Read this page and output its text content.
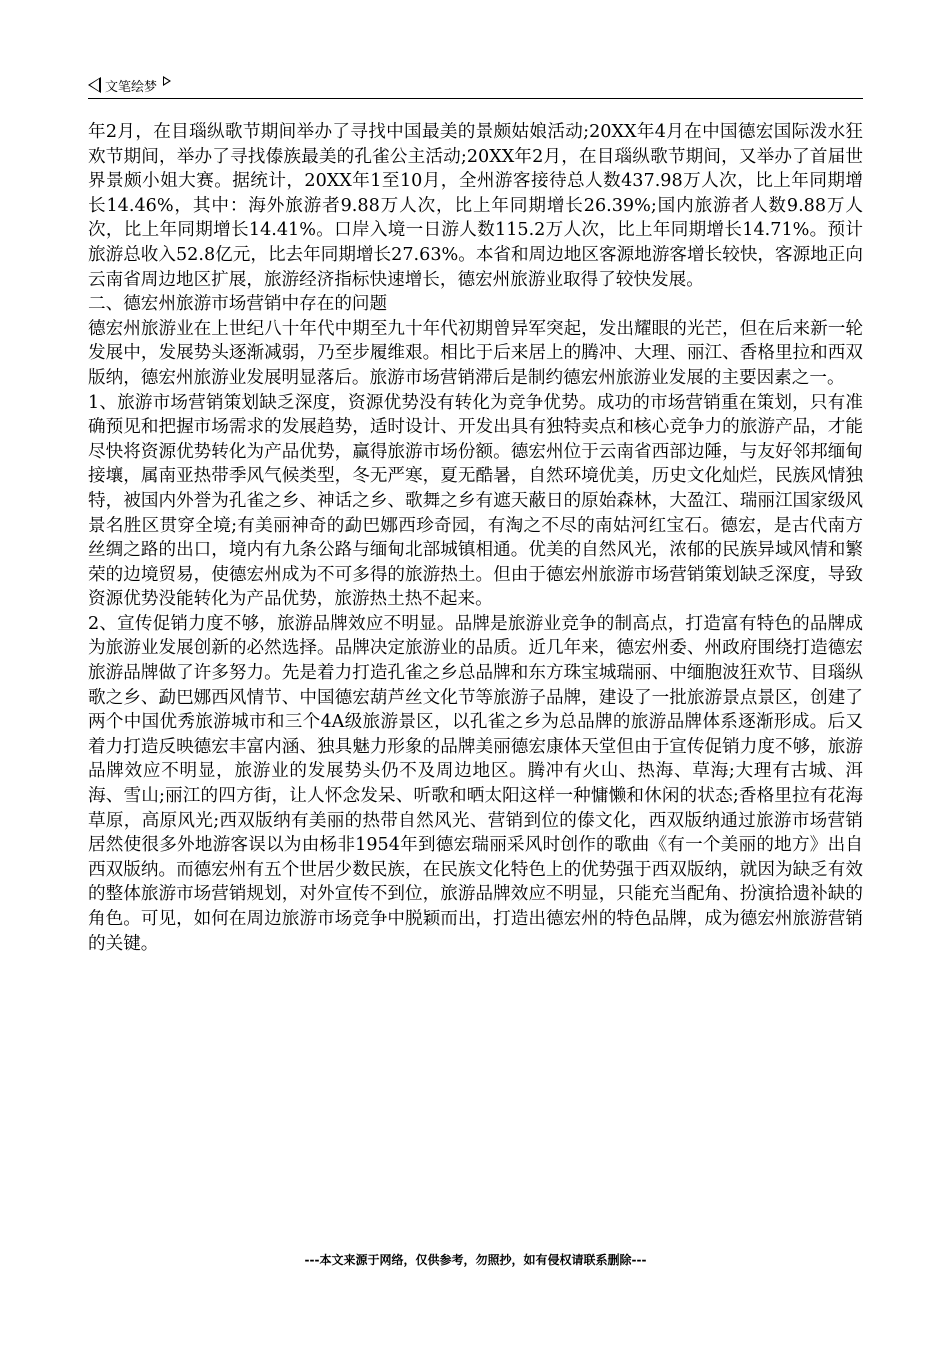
文笔绘梦

年2月，在目瑙纵歌节期间举办了寻找中国最美的景颇姑娘活动;20XX年4月在中国德宏国际泼水狂欢节期间，举办了寻找傣族最美的孔雀公主活动;20XX年2月，在目瑙纵歌节期间，又举办了首届世界景颇小姐大赛。据统计，20XX年1至10月，全州游客接待总人数437.98万人次，比上年同期增长14.46%，其中：海外旅游者9.88万人次，比上年同期增长26.39%;国内旅游者人数9.88万人次，比上年同期增长14.41%。口岸入境一日游人数115.2万人次，比上年同期增长14.71%。预计旅游总收入52.8亿元，比去年同期增长27.63%。本省和周边地区客源地游客增长较快，客源地正向云南省周边地区扩展，旅游经济指标快速增长，德宏州旅游业取得了较快发展。

二、德宏州旅游市场营销中存在的问题

德宏州旅游业在上世纪八十年代中期至九十年代初期曾异军突起，发出耀眼的光芒，但在后来新一轮发展中，发展势头逐渐减弱，乃至步履维艰。相比于后来居上的腾冲、大理、丽江、香格里拉和西双版纳，德宏州旅游业发展明显落后。旅游市场营销滞后是制约德宏州旅游业发展的主要因素之一。

1、旅游市场营销策划缺乏深度，资源优势没有转化为竞争优势。成功的市场营销重在策划，只有准确预见和把握市场需求的发展趋势，适时设计、开发出具有独特卖点和核心竞争力的旅游产品，才能尽快将资源优势转化为产品优势，赢得旅游市场份额。德宏州位于云南省西部边陲，与友好邻邦缅甸接壤，属南亚热带季风气候类型，冬无严寒，夏无酷暑，自然环境优美，历史文化灿烂，民族风情独特，被国内外誉为孔雀之乡、神话之乡、歌舞之乡有遮天蔽日的原始森林，大盈江、瑞丽江国家级风景名胜区贯穿全境;有美丽神奇的勐巴娜西珍奇园，有淘之不尽的南姑河红宝石。德宏，是古代南方丝绸之路的出口，境内有九条公路与缅甸北部城镇相通。优美的自然风光，浓郁的民族异域风情和繁荣的边境贸易，使德宏州成为不可多得的旅游热土。但由于德宏州旅游市场营销策划缺乏深度，导致资源优势没能转化为产品优势，旅游热土热不起来。

2、宣传促销力度不够，旅游品牌效应不明显。品牌是旅游业竞争的制高点，打造富有特色的品牌成为旅游业发展创新的必然选择。品牌决定旅游业的品质。近几年来，德宏州委、州政府围绕打造德宏旅游品牌做了许多努力。先是着力打造孔雀之乡总品牌和东方珠宝城瑞丽、中缅胞波狂欢节、目瑙纵歌之乡、勐巴娜西风情节、中国德宏葫芦丝文化节等旅游子品牌，建设了一批旅游景点景区，创建了两个中国优秀旅游城市和三个4A级旅游景区，以孔雀之乡为总品牌的旅游品牌体系逐渐形成。后又着力打造反映德宏丰富内涵、独具魅力形象的品牌美丽德宏康体天堂但由于宣传促销力度不够，旅游品牌效应不明显，旅游业的发展势头仍不及周边地区。腾冲有火山、热海、草海;大理有古城、洱海、雪山;丽江的四方街，让人怀念发呆、听歌和晒太阳这样一种慵懒和休闲的状态;香格里拉有花海草原，高原风光;西双版纳有美丽的热带自然风光、营销到位的傣文化，西双版纳通过旅游市场营销居然使很多外地游客误以为由杨非1954年到德宏瑞丽采风时创作的歌曲《有一个美丽的地方》出自西双版纳。而德宏州有五个世居少数民族，在民族文化特色上的优势强于西双版纳，就因为缺乏有效的整体旅游市场营销规划，对外宣传不到位，旅游品牌效应不明显，只能充当配角、扮演拾遗补缺的角色。可见，如何在周边旅游市场竞争中脱颖而出，打造出德宏州的特色品牌，成为德宏州旅游营销的关键。

---本文来源于网络，仅供参考，勿照抄，如有侵权请联系删除---
